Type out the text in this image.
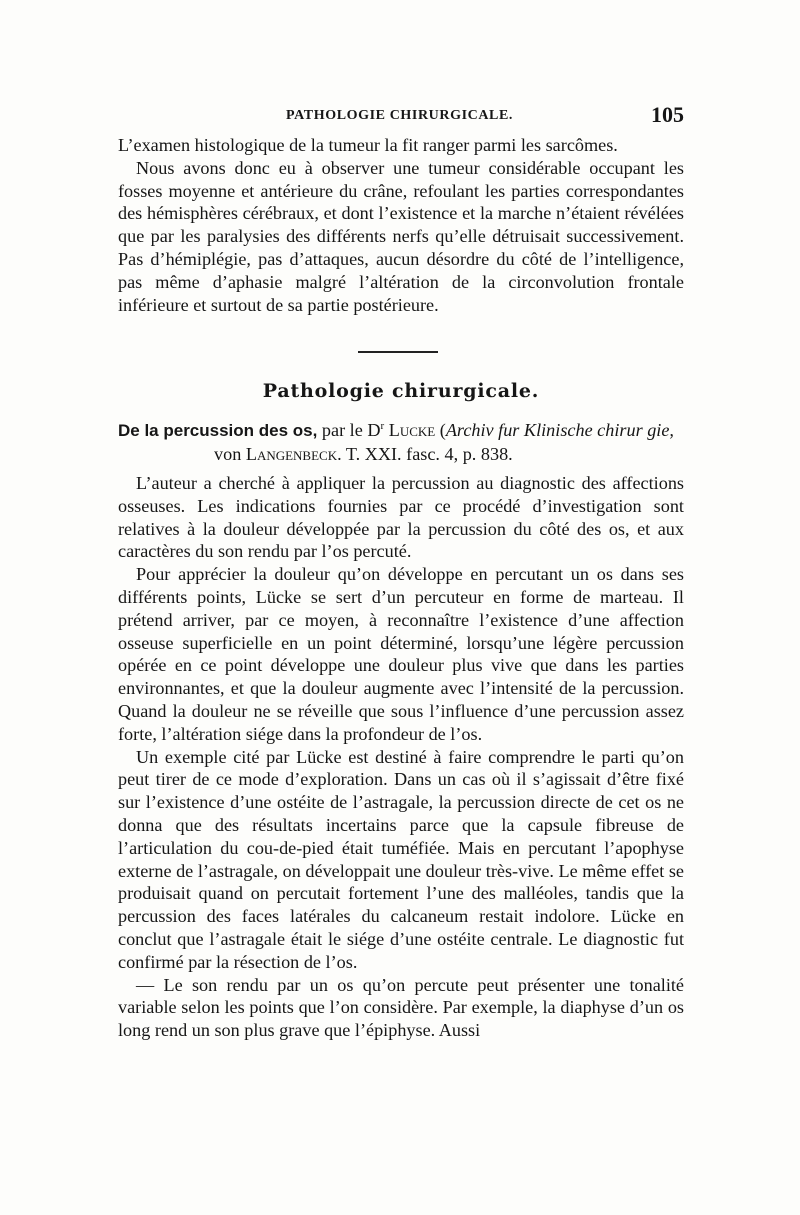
PATHOLOGIE CHIRURGICALE.	105

L’examen histologique de la tumeur la fit ranger parmi les sarcômes.

Nous avons donc eu à observer une tumeur considérable occupant les fosses moyenne et antérieure du crâne, refoulant les parties correspondantes des hémisphères cérébraux, et dont l’existence et la marche n’étaient révélées que par les paralysies des différents nerfs qu’elle détruisait successivement. Pas d’hémiplégie, pas d’attaques, aucun désordre du côté de l’intelligence, pas même d’aphasie malgré l’altération de la circonvolution frontale inférieure et surtout de sa partie postérieure.

Pathologie chirurgicale.
De la percussion des os, par le $D^r$ Lucke (Archiv fur Klinische chirur gie,
von Langenbeck. T. XXI. fasc. 4, p. 838.

L’auteur a cherché à appliquer la percussion au diagnostic des affections osseuses. Les indications fournies par ce procédé d’investigation sont relatives à la douleur développée par la percussion du côté des os, et aux caractères du son rendu par l’os percuté.

Pour apprécier la douleur qu’on développe en percutant un os dans ses différents points, Lücke se sert d’un percuteur en forme de marteau. Il prétend arriver, par ce moyen, à reconnaître l’existence d’une affection osseuse superficielle en un point déterminé, lorsqu’une légère percussion opérée en ce point développe une douleur plus vive que dans les parties environnantes, et que la douleur augmente avec l’intensité de la percussion. Quand la douleur ne se réveille que sous l’influence d’une percussion assez forte, l’altération siége dans la profondeur de l’os.

Un exemple cité par Lücke est destiné à faire comprendre le parti qu’on peut tirer de ce mode d’exploration. Dans un cas où il s’agissait d’être fixé sur l’existence d’une ostéite de l’astragale, la percussion directe de cet os ne donna que des résultats incertains parce que la capsule fibreuse de l’articulation du cou-de-pied était tuméfiée. Mais en percutant l’apophyse externe de l’astragale, on développait une douleur très-vive. Le même effet se produisait quand on percutait fortement l’une des malléoles, tandis que la percussion des faces latérales du calcaneum restait indolore. Lücke en conclut que l’astragale était le siége d’une ostéite centrale. Le diagnostic fut confirmé par la résection de l’os.

— Le son rendu par un os qu’on percute peut présenter une tonalité variable selon les points que l’on considère. Par exemple, la diaphyse d’un os long rend un son plus grave que l’épiphyse. Aussi
